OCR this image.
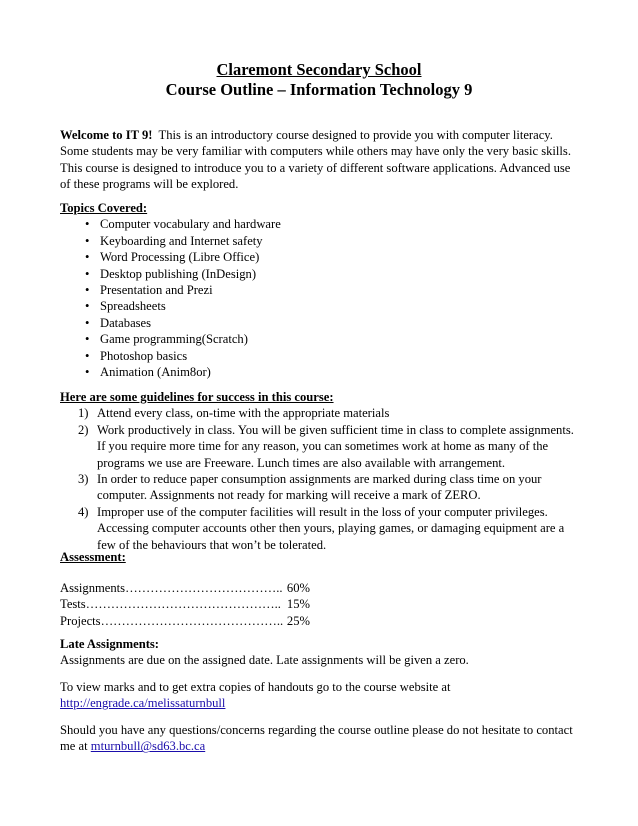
Claremont Secondary School
Course Outline – Information Technology 9
Welcome to IT 9!  This is an introductory course designed to provide you with computer literacy.
Some students may be very familiar with computers while others may have only the very basic skills.
This course is designed to introduce you to a variety of different software applications. Advanced use
of these programs will be explored.
Topics Covered:
• Computer vocabulary and hardware
• Keyboarding and Internet safety
• Word Processing (Libre Office)
• Desktop publishing (InDesign)
• Presentation and Prezi
• Spreadsheets
• Databases
• Game programming(Scratch)
• Photoshop basics
• Animation (Anim8or)
Here are some guidelines for success in this course:
1) Attend every class, on-time with the appropriate materials
2) Work productively in class. You will be given sufficient time in class to complete assignments.
If you require more time for any reason, you can sometimes work at home as many of the
programs we use are Freeware. Lunch times are also available with arrangement.
3) In order to reduce paper consumption assignments are marked during class time on your
computer. Assignments not ready for marking will receive a mark of ZERO.
4) Improper use of the computer facilities will result in the loss of your computer privileges.
Accessing computer accounts other then yours, playing games, or damaging equipment are a
few of the behaviours that won’t be tolerated.
Assessment:
Assignments ……………………………….. 60%
Tests ……………………………………….. 15%
Projects …………………………………….. 25%
Late Assignments:
Assignments are due on the assigned date. Late assignments will be given a zero.
To view marks and to get extra copies of handouts go to the course website at
http://engrade.ca/melissaturnbull
Should you have any questions/concerns regarding the course outline please do not hesitate to contact
me at mturnbull@sd63.bc.ca
